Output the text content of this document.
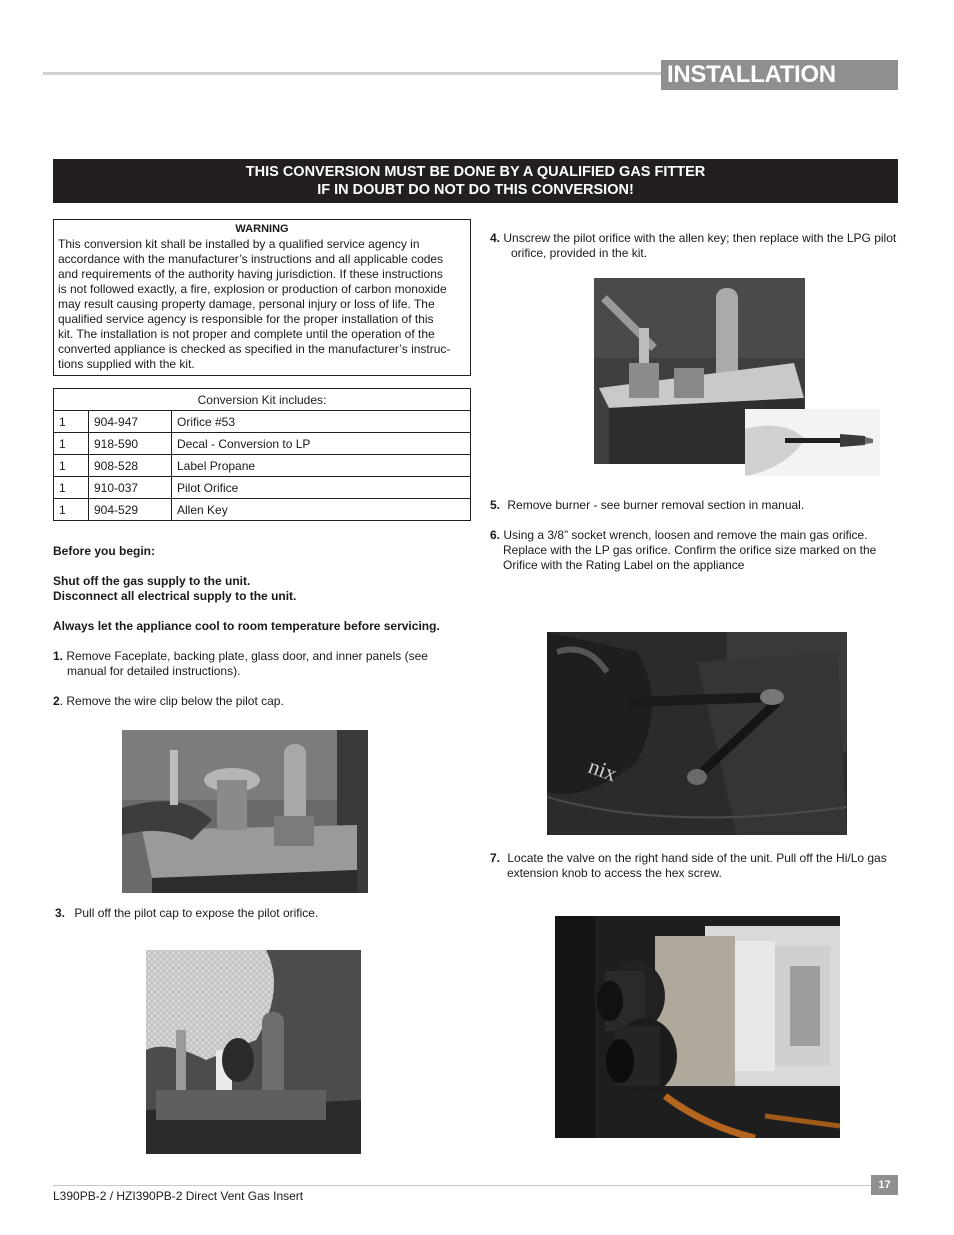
INSTALLATION
THIS CONVERSION MUST BE DONE BY A QUALIFIED GAS FITTER
IF IN DOUBT DO NOT DO THIS CONVERSION!
WARNING
This conversion kit shall be installed by a qualified service agency in
accordance with the manufacturer’s instructions and all applicable codes
and requirements of the authority having jurisdiction. If these instructions
is not followed exactly, a fire, explosion or production of carbon monoxide
may result causing property damage, personal injury or loss of life. The
qualified service agency is responsible for the proper installation of this
kit. The installation is not proper and complete until the operation of the
converted appliance is checked as specified in the manufacturer’s instruc-
tions supplied with the kit.
Conversion Kit includes:		
1	904-947	Orifice #53
1	918-590	Decal - Conversion to LP
1	908-528	Label Propane
1	910-037	Pilot Orifice
1	904-529	Allen Key
Before you begin:
Shut off the gas supply to the unit.
Disconnect all electrical supply to the unit.
Always let the appliance cool to room temperature before servicing.
1. Remove Faceplate, backing plate, glass door, and inner panels (see
manual for detailed instructions).
2. Remove the wire clip below the pilot cap.
3. Pull off the pilot cap to expose the pilot orifice.
4. Unscrew the pilot orifice with the allen key; then replace with the LPG pilot
orifice, provided in the kit.
5. Remove burner - see burner removal section in manual.
6. Using a 3/8” socket wrench, loosen and remove the main gas orifice.
Replace with the LP gas orifice. Confirm the orifice size marked on the
Orifice with the Rating Label on the appliance
nix
7. Locate the valve on the right hand side of the unit. Pull off the Hi/Lo gas
extension knob to access the hex screw.
17
L390PB-2 / HZI390PB-2 Direct Vent Gas Insert
